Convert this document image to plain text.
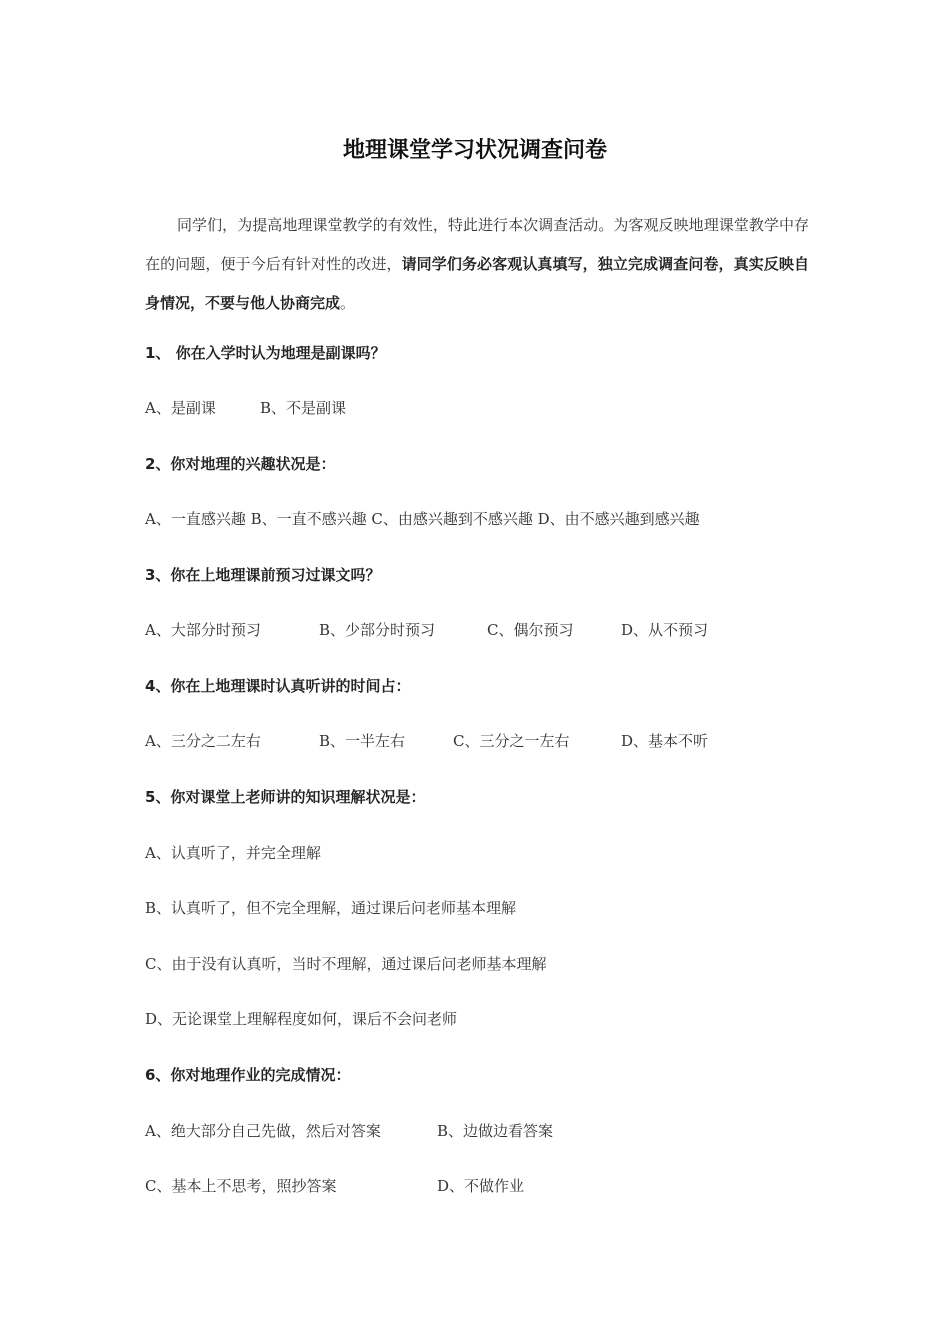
地理课堂学习状况调查问卷

同学们，为提高地理课堂教学的有效性，特此进行本次调查活动。为客观反映地理课堂教学中存在的问题，便于今后有针对性的改进，请同学们务必客观认真填写，独立完成调查问卷，真实反映自身情况，不要与他人协商完成。

1、 你在入学时认为地理是副课吗？
A、是副课	B、不是副课
2、你对地理的兴趣状况是：
A、一直感兴趣 B、一直不感兴趣 C、由感兴趣到不感兴趣 D、由不感兴趣到感兴趣
3、你在上地理课前预习过课文吗？
A、大部分时预习	B、少部分时预习	C、偶尔预习	D、从不预习
4、你在上地理课时认真听讲的时间占：
A、三分之二左右	B、一半左右	C、三分之一左右	D、基本不听
5、你对课堂上老师讲的知识理解状况是：
A、认真听了，并完全理解
B、认真听了，但不完全理解，通过课后问老师基本理解
C、由于没有认真听，当时不理解，通过课后问老师基本理解
D、无论课堂上理解程度如何，课后不会问老师
6、你对地理作业的完成情况：
A、绝大部分自己先做，然后对答案	B、边做边看答案
C、基本上不思考，照抄答案	D、不做作业
